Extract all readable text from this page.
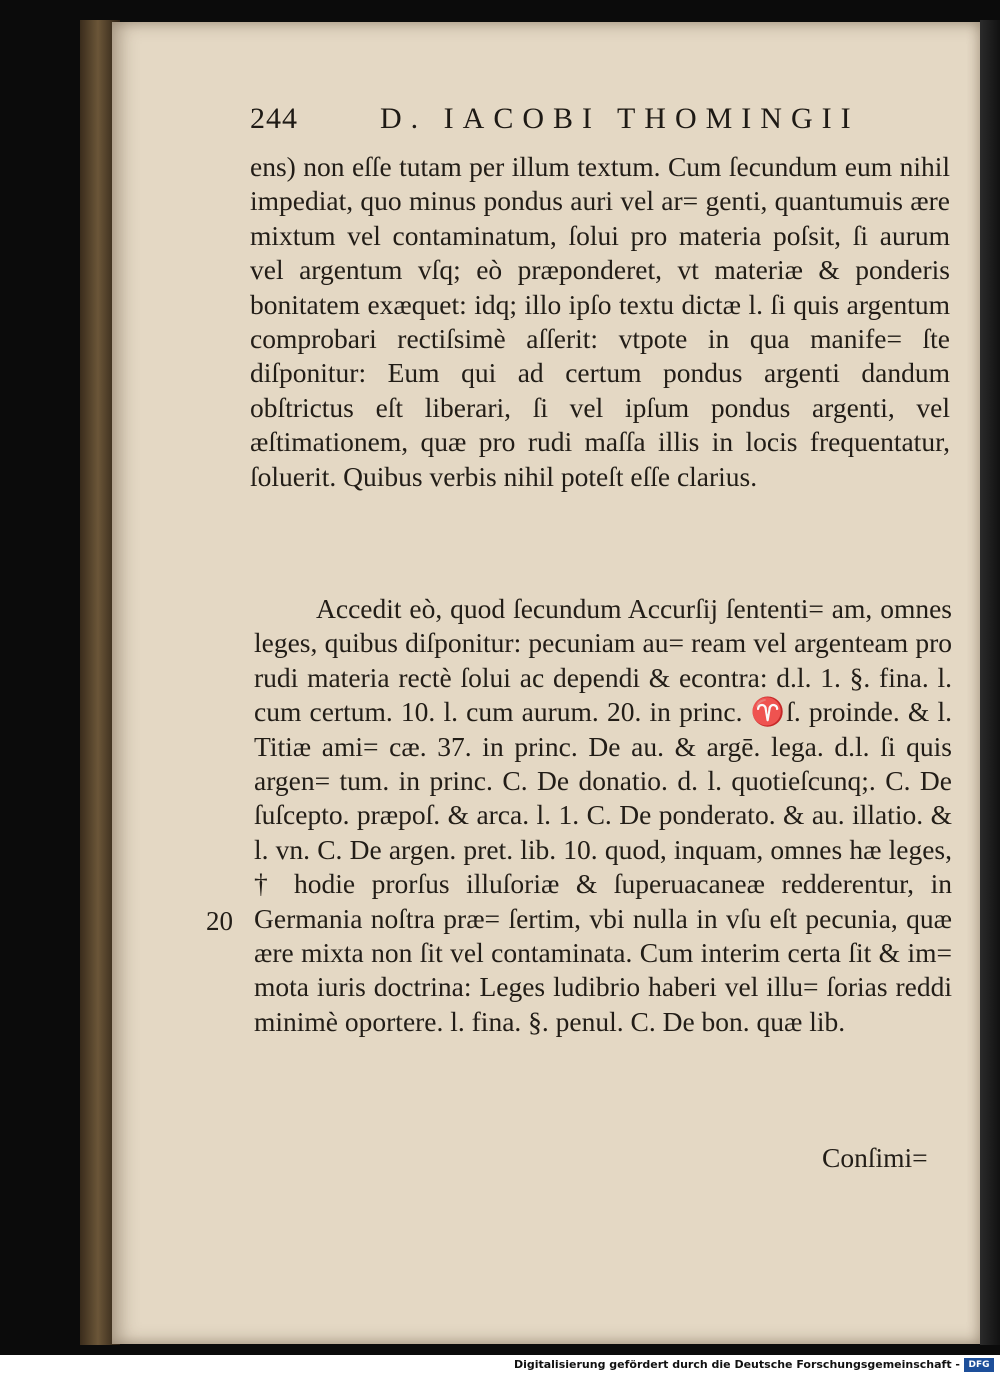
244	D. IACOBI THOMINGII

ens) non eſſe tutam per illum textum. Cum ſecundum eum nihil impediat, quo minus pondus auri vel ar= genti, quantumuis ære mixtum vel contaminatum, ſolui pro materia poſsit, ſi aurum vel argentum vſq; eò præponderet, vt materiæ & ponderis bonitatem exæquet: idq; illo ipſo textu dictæ l. ſi quis argentum comprobari rectiſsimè aſſerit: vtpote in qua manife= ſte diſponitur: Eum qui ad certum pondus argenti dandum obſtrictus eſt liberari, ſi vel ipſum pondus argenti, vel æſtimationem, quæ pro rudi maſſa illis in locis frequentatur, ſoluerit. Quibus verbis nihil poteſt eſſe clarius.

Accedit eò, quod ſecundum Accurſij ſententi= am, omnes leges, quibus diſponitur: pecuniam au= ream vel argenteam pro rudi materia rectè ſolui ac dependi & econtra: d.l. 1. §. fina. l. cum certum. 10. l. cum aurum. 20. in princ. ♈ſ. proinde. & l. Titiæ ami= cæ. 37. in princ. De au. & argē. lega. d.l. ſi quis argen= tum. in princ. C. De donatio. d. l. quotieſcunq;. C. De ſuſcepto. præpoſ. & arca. l. 1. C. De ponderato. & au. illatio. & l. vn. C. De argen. pret. lib. 10. quod, inquam, omnes hæ leges, † hodie prorſus illuſoriæ & ſuperuacaneæ redderentur, in Germania noſtra præ= ſertim, vbi nulla in vſu eſt pecunia, quæ ære mixta non ſit vel contaminata. Cum interim certa ſit & im= mota iuris doctrina: Leges ludibrio haberi vel illu= ſorias reddi minimè oportere. l. fina. §. penul. C. De bon. quæ lib.

20
Conſimi=
Digitalisierung gefördert durch die Deutsche Forschungsgemeinschaft - DFG
